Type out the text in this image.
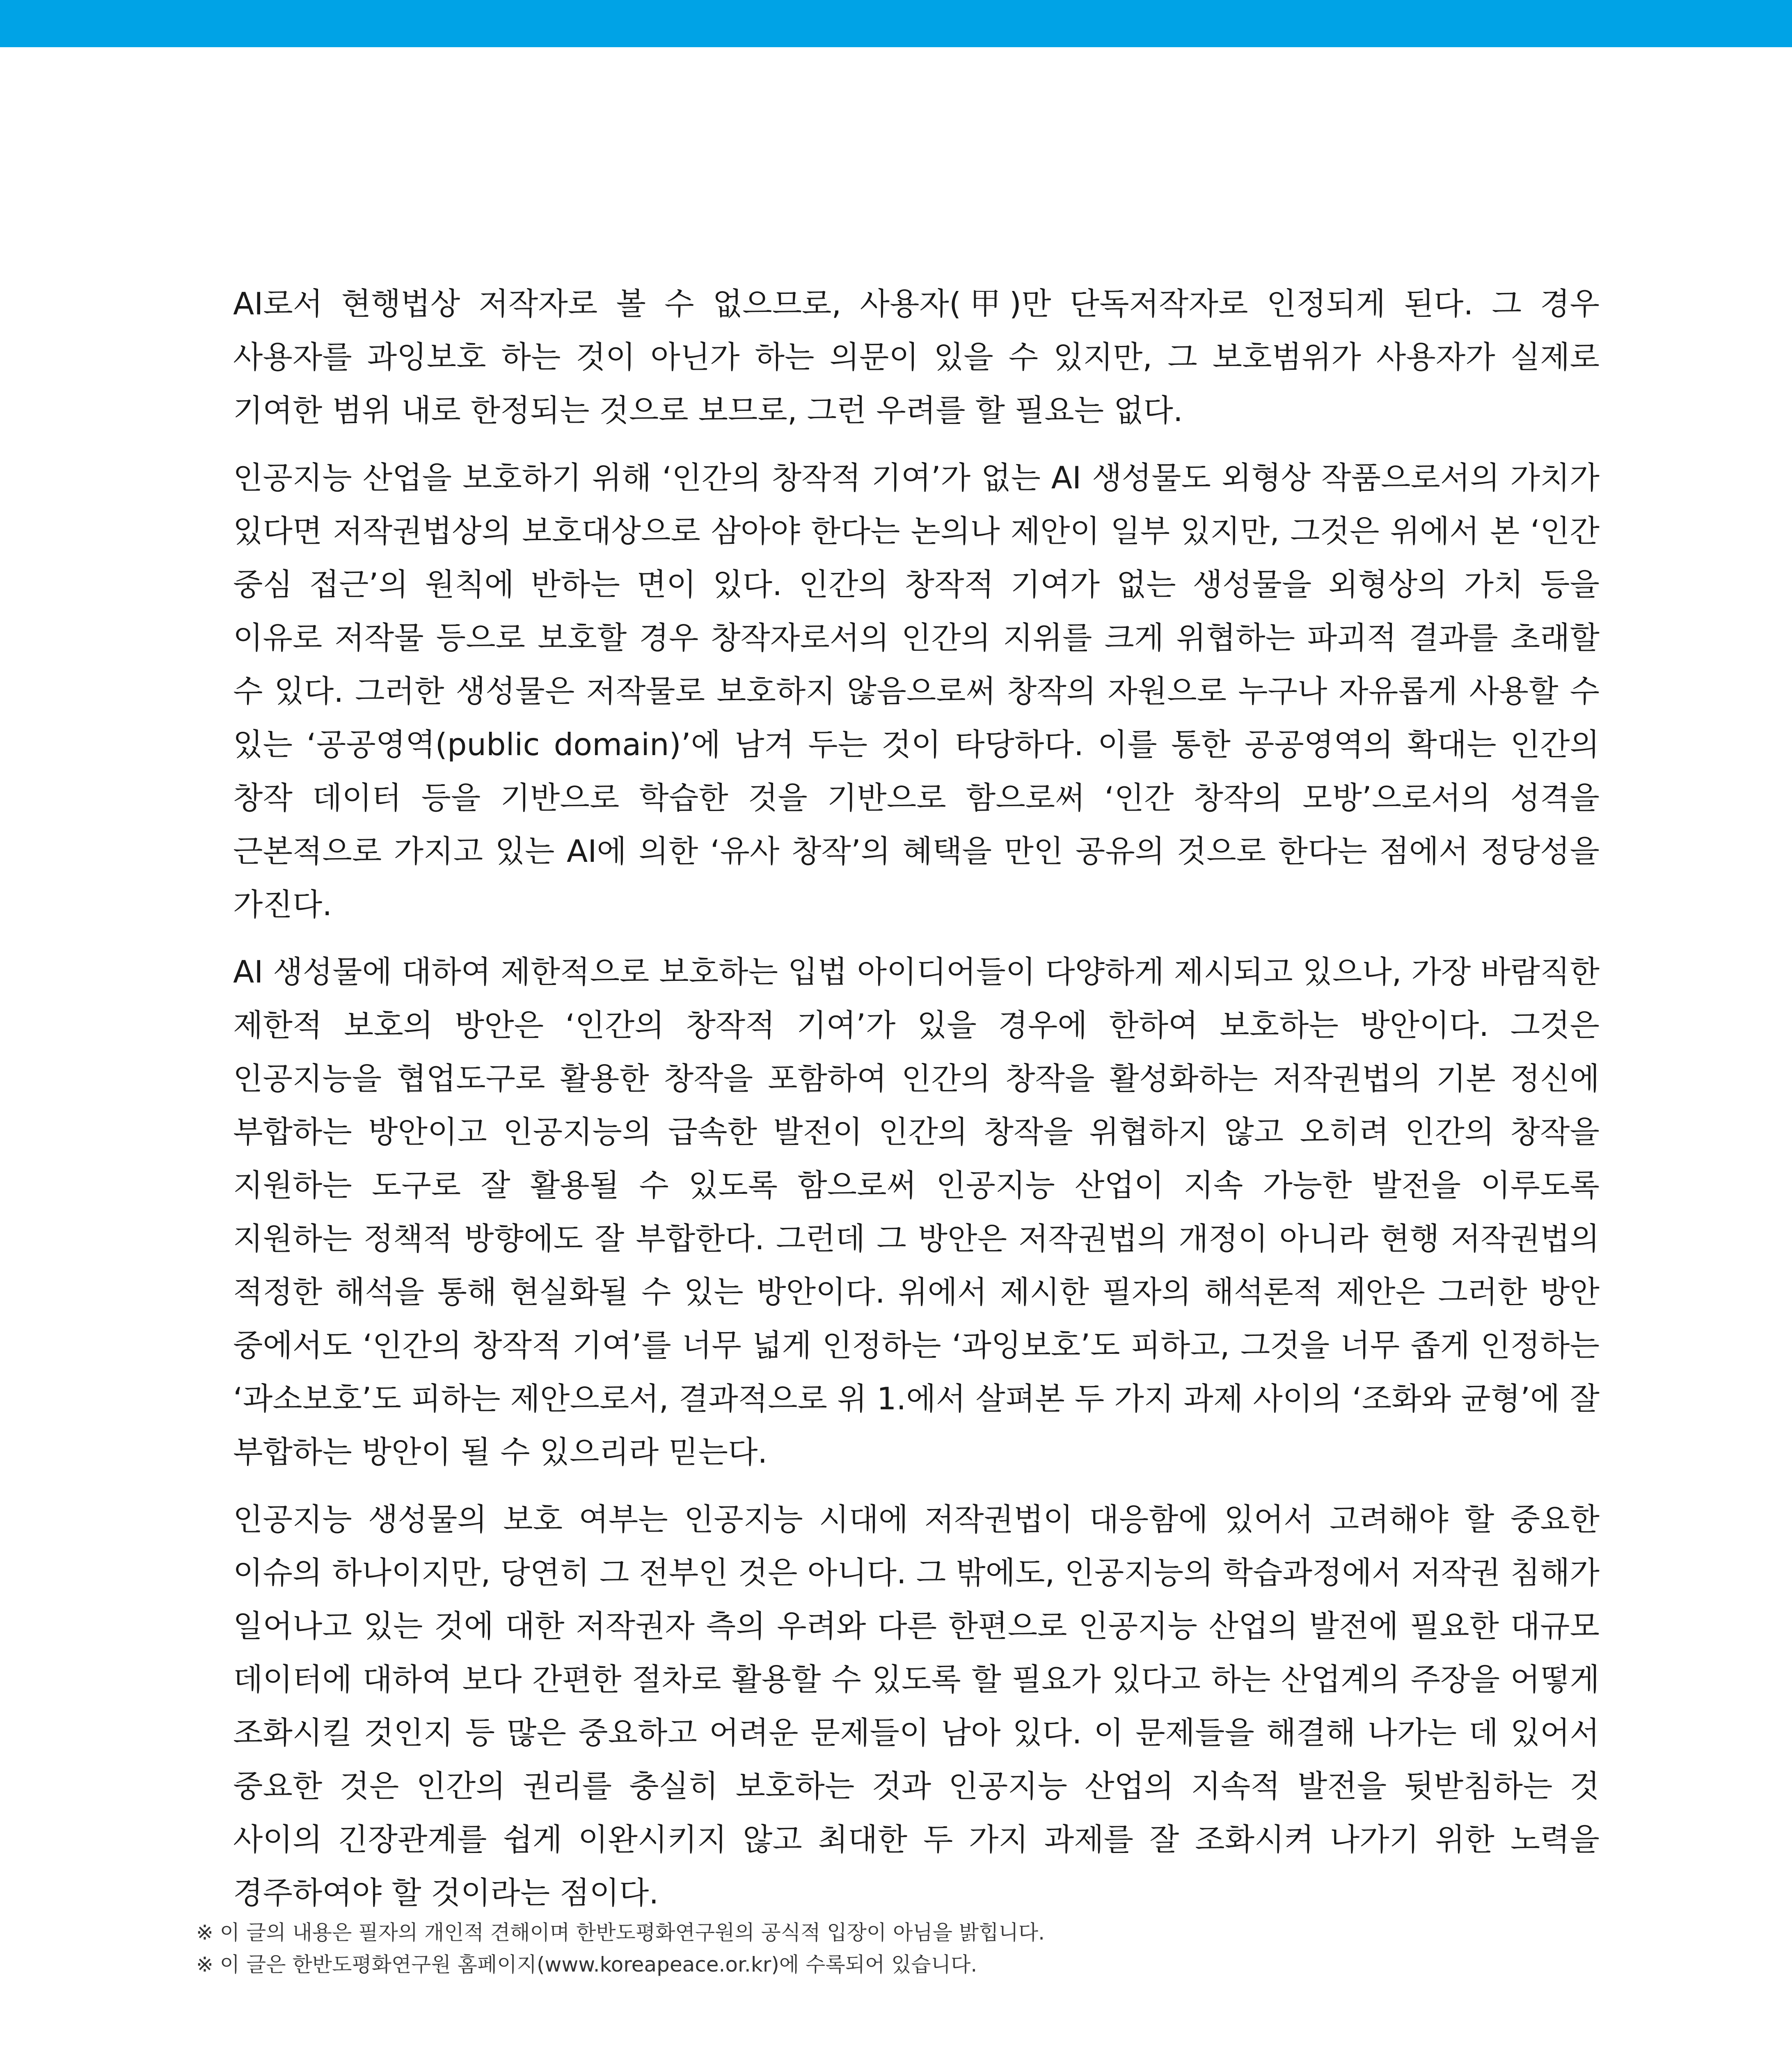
AI로서 현행법상 저작자로 볼 수 없으므로, 사용자(甲)만 단독저작자로 인정되게 된다. 그 경우 사용자를 과잉보호 하는 것이 아닌가 하는 의문이 있을 수 있지만, 그 보호범위가 사용자가 실제로 기여한 범위 내로 한정되는 것으로 보므로, 그런 우려를 할 필요는 없다.

인공지능 산업을 보호하기 위해 ‘인간의 창작적 기여’가 없는 AI 생성물도 외형상 작품으로서의 가치가 있다면 저작권법상의 보호대상으로 삼아야 한다는 논의나 제안이 일부 있지만, 그것은 위에서 본 ‘인간 중심 접근’의 원칙에 반하는 면이 있다. 인간의 창작적 기여가 없는 생성물을 외형상의 가치 등을 이유로 저작물 등으로 보호할 경우 창작자로서의 인간의 지위를 크게 위협하는 파괴적 결과를 초래할 수 있다. 그러한 생성물은 저작물로 보호하지 않음으로써 창작의 자원으로 누구나 자유롭게 사용할 수 있는 ‘공공영역(public domain)’에 남겨 두는 것이 타당하다. 이를 통한 공공영역의 확대는 인간의 창작 데이터 등을 기반으로 학습한 것을 기반으로 함으로써 ‘인간 창작의 모방’으로서의 성격을 근본적으로 가지고 있는 AI에 의한 ‘유사 창작’의 혜택을 만인 공유의 것으로 한다는 점에서 정당성을 가진다.

AI 생성물에 대하여 제한적으로 보호하는 입법 아이디어들이 다양하게 제시되고 있으나, 가장 바람직한 제한적 보호의 방안은 ‘인간의 창작적 기여’가 있을 경우에 한하여 보호하는 방안이다. 그것은 인공지능을 협업도구로 활용한 창작을 포함하여 인간의 창작을 활성화하는 저작권법의 기본 정신에 부합하는 방안이고 인공지능의 급속한 발전이 인간의 창작을 위협하지 않고 오히려 인간의 창작을 지원하는 도구로 잘 활용될 수 있도록 함으로써 인공지능 산업이 지속 가능한 발전을 이루도록 지원하는 정책적 방향에도 잘 부합한다. 그런데 그 방안은 저작권법의 개정이 아니라 현행 저작권법의 적정한 해석을 통해 현실화될 수 있는 방안이다. 위에서 제시한 필자의 해석론적 제안은 그러한 방안 중에서도 ‘인간의 창작적 기여’를 너무 넓게 인정하는 ‘과잉보호’도 피하고, 그것을 너무 좁게 인정하는 ‘과소보호’도 피하는 제안으로서, 결과적으로 위 1.에서 살펴본 두 가지 과제 사이의 ‘조화와 균형’에 잘 부합하는 방안이 될 수 있으리라 믿는다.

인공지능 생성물의 보호 여부는 인공지능 시대에 저작권법이 대응함에 있어서 고려해야 할 중요한 이슈의 하나이지만, 당연히 그 전부인 것은 아니다. 그 밖에도, 인공지능의 학습과정에서 저작권 침해가 일어나고 있는 것에 대한 저작권자 측의 우려와 다른 한편으로 인공지능 산업의 발전에 필요한 대규모 데이터에 대하여 보다 간편한 절차로 활용할 수 있도록 할 필요가 있다고 하는 산업계의 주장을 어떻게 조화시킬 것인지 등 많은 중요하고 어려운 문제들이 남아 있다. 이 문제들을 해결해 나가는 데 있어서 중요한 것은 인간의 권리를 충실히 보호하는 것과 인공지능 산업의 지속적 발전을 뒷받침하는 것 사이의 긴장관계를 쉽게 이완시키지 않고 최대한 두 가지 과제를 잘 조화시켜 나가기 위한 노력을 경주하여야 할 것이라는 점이다.

※ 이 글의 내용은 필자의 개인적 견해이며 한반도평화연구원의 공식적 입장이 아님을 밝힙니다.
※ 이 글은 한반도평화연구원 홈페이지(www.koreapeace.or.kr)에 수록되어 있습니다.
